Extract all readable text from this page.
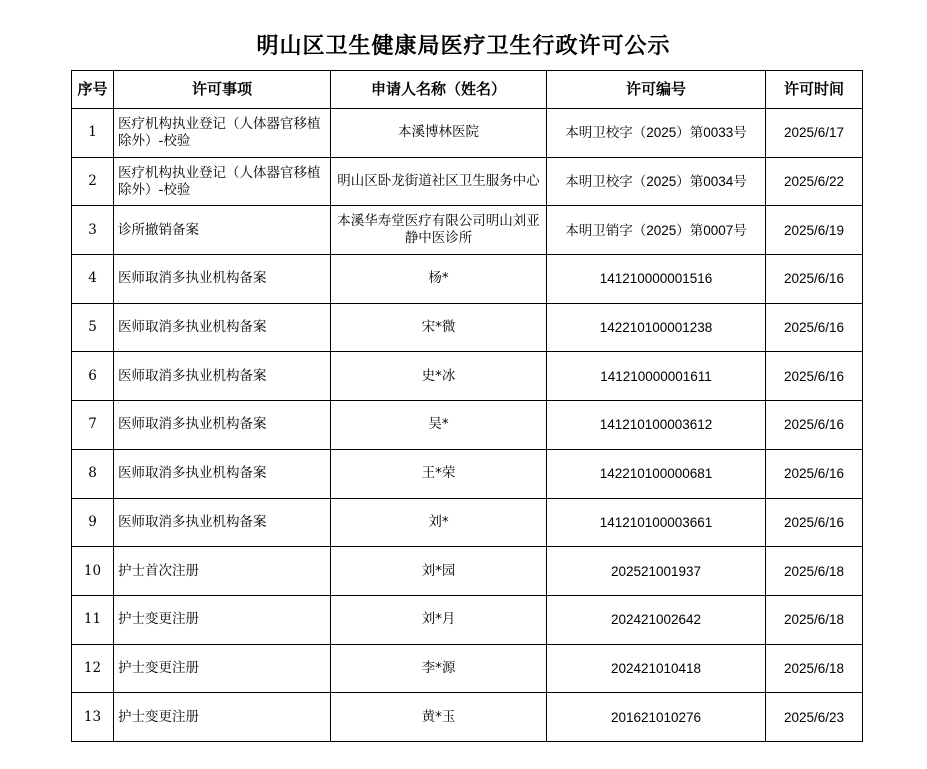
明山区卫生健康局医疗卫生行政许可公示
序号	许可事项	申请人名称（姓名）	许可编号	许可时间
1	医疗机构执业登记（人体器官移植除外）-校验	本溪博林医院	本明卫校字（2025）第0033号	2025/6/17
2	医疗机构执业登记（人体器官移植除外）-校验	明山区卧龙街道社区卫生服务中心	本明卫校字（2025）第0034号	2025/6/22
3	诊所撤销备案	本溪华寿堂医疗有限公司明山刘亚静中医诊所	本明卫销字（2025）第0007号	2025/6/19
4	医师取消多执业机构备案	杨*	141210000001516	2025/6/16
5	医师取消多执业机构备案	宋*微	142210100001238	2025/6/16
6	医师取消多执业机构备案	史*冰	141210000001611	2025/6/16
7	医师取消多执业机构备案	吴*	141210100003612	2025/6/16
8	医师取消多执业机构备案	王*荣	142210100000681	2025/6/16
9	医师取消多执业机构备案	刘*	141210100003661	2025/6/16
10	护士首次注册	刘*园	202521001937	2025/6/18
11	护士变更注册	刘*月	202421002642	2025/6/18
12	护士变更注册	李*源	202421010418	2025/6/18
13	护士变更注册	黄*玉	201621010276	2025/6/23
